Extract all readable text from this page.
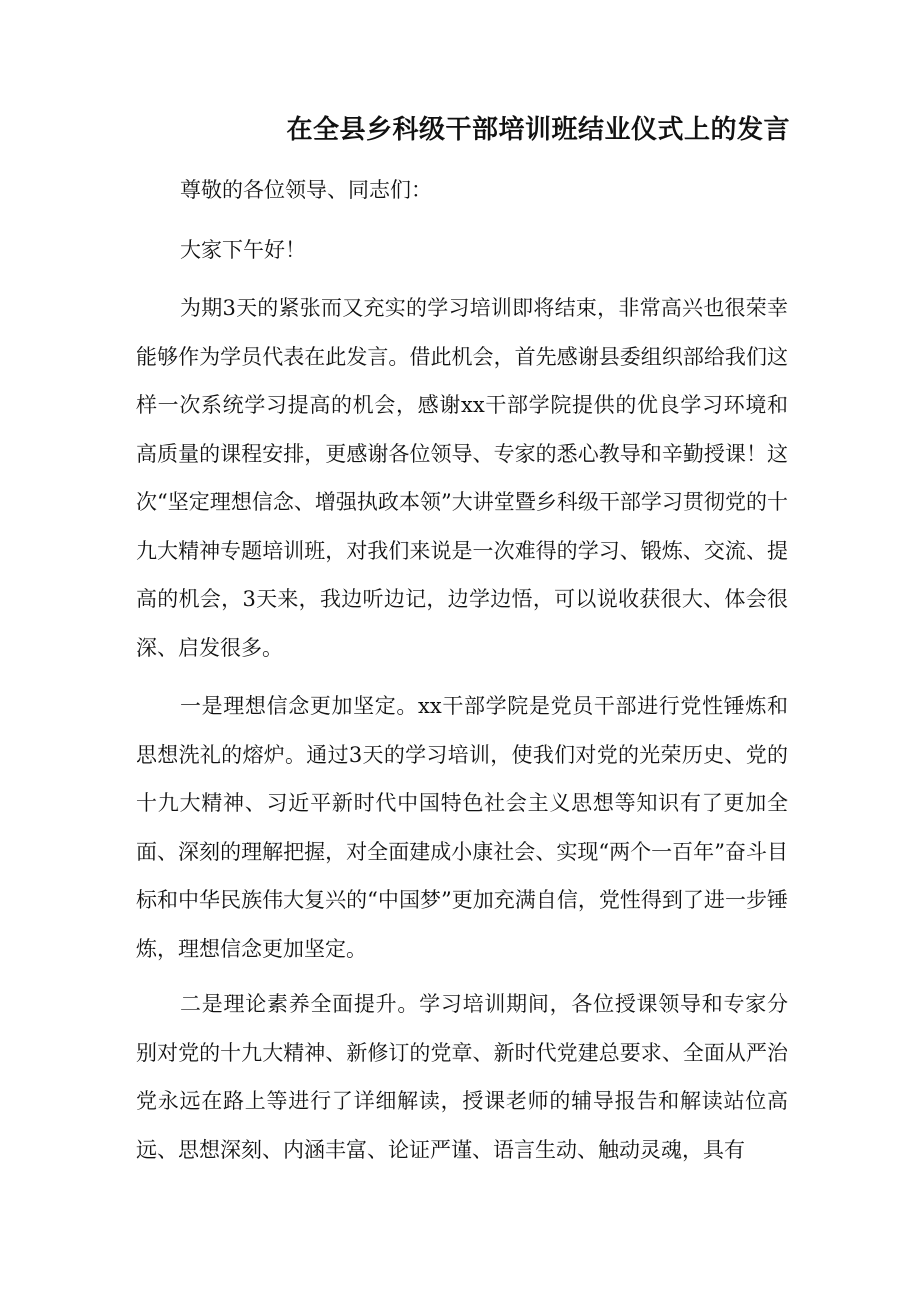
在全县乡科级干部培训班结业仪式上的发言

尊敬的各位领导、同志们：

大家下午好！

为期3天的紧张而又充实的学习培训即将结束，非常高兴也很荣幸能够作为学员代表在此发言。借此机会，首先感谢县委组织部给我们这样一次系统学习提高的机会，感谢xx干部学院提供的优良学习环境和高质量的课程安排，更感谢各位领导、专家的悉心教导和辛勤授课！这次“坚定理想信念、增强执政本领”大讲堂暨乡科级干部学习贯彻党的十九大精神专题培训班，对我们来说是一次难得的学习、锻炼、交流、提高的机会，3天来，我边听边记，边学边悟，可以说收获很大、体会很深、启发很多。

一是理想信念更加坚定。xx干部学院是党员干部进行党性锤炼和思想洗礼的熔炉。通过3天的学习培训，使我们对党的光荣历史、党的十九大精神、习近平新时代中国特色社会主义思想等知识有了更加全面、深刻的理解把握，对全面建成小康社会、实现“两个一百年”奋斗目标和中华民族伟大复兴的“中国梦”更加充满自信，党性得到了进一步锤炼，理想信念更加坚定。

二是理论素养全面提升。学习培训期间，各位授课领导和专家分别对党的十九大精神、新修订的党章、新时代党建总要求、全面从严治党永远在路上等进行了详细解读，授课老师的辅导报告和解读站位高远、思想深刻、内涵丰富、论证严谨、语言生动、触动灵魂，具有
